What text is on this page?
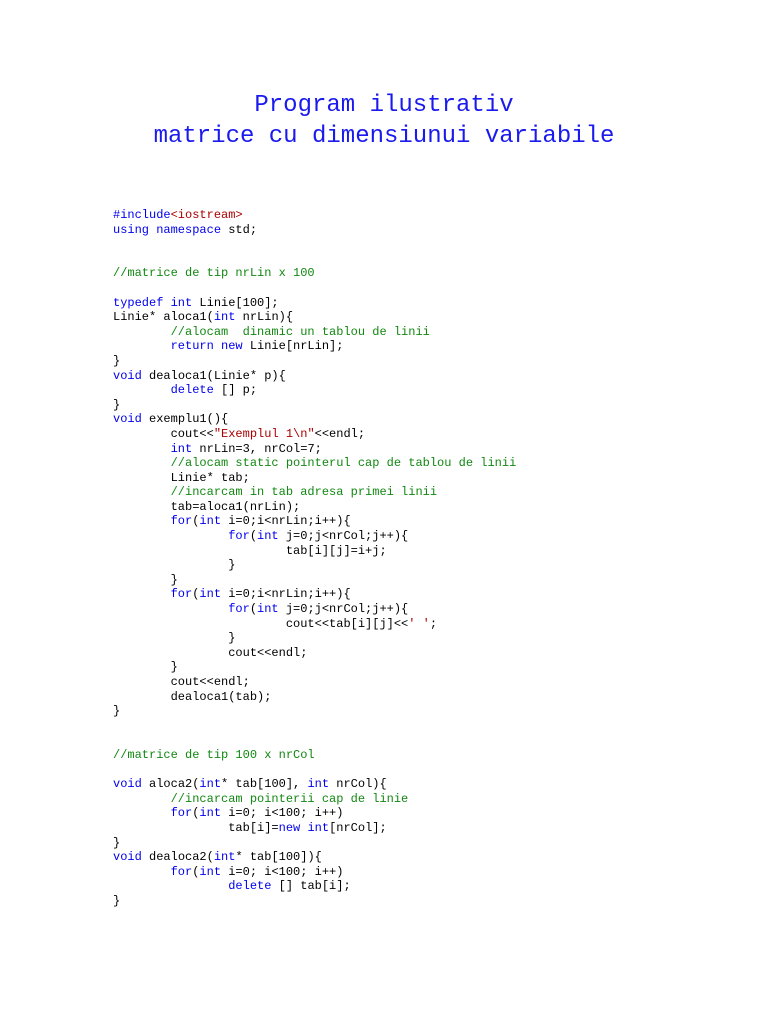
Program ilustrativ
matrice cu dimensiunui variabile
#include<iostream>
using namespace std;
//matrice de tip nrLin x 100
typedef int Linie[100];
Linie* aloca1(int nrLin){
	//alocam  dinamic un tablou de linii
	return new Linie[nrLin];
}
void dealoca1(Linie* p){
	delete [] p;
}
void exemplu1(){
	cout<<"Exemplul 1\n"<<endl;
	int nrLin=3, nrCol=7;
	//alocam static pointerul cap de tablou de linii
	Linie* tab;
	//incarcam in tab adresa primei linii
	tab=aloca1(nrLin);
	for(int i=0;i<nrLin;i++){
		for(int j=0;j<nrCol;j++){
			tab[i][j]=i+j;
		}
	}
	for(int i=0;i<nrLin;i++){
		for(int j=0;j<nrCol;j++){
			cout<<tab[i][j]<<' ';
		}
		cout<<endl;
	}
	cout<<endl;
	dealoca1(tab);
}
//matrice de tip 100 x nrCol
void aloca2(int* tab[100], int nrCol){
	//incarcam pointerii cap de linie
	for(int i=0; i<100; i++)
		tab[i]=new int[nrCol];
}
void dealoca2(int* tab[100]){
	for(int i=0; i<100; i++)
		delete [] tab[i];
}
